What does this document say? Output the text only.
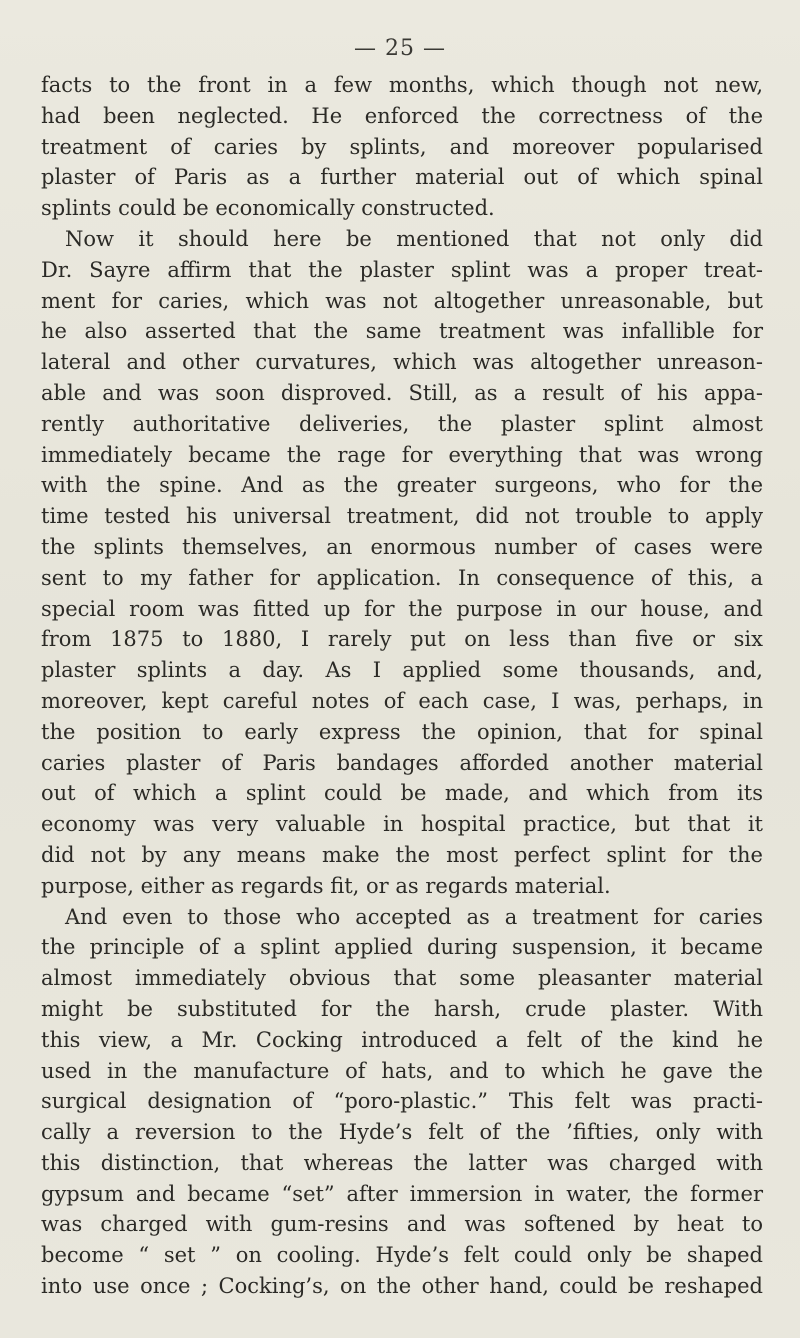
— 25 —
facts to the front in a few months, which though not new,
had been neglected. He enforced the correctness of the
treatment of caries by splints, and moreover popularised
plaster of Paris as a further material out of which spinal
splints could be economically constructed.
Now it should here be mentioned that not only did
Dr. Sayre affirm that the plaster splint was a proper treat-
ment for caries, which was not altogether unreasonable, but
he also asserted that the same treatment was infallible for
lateral and other curvatures, which was altogether unreason-
able and was soon disproved. Still, as a result of his appa-
rently authoritative deliveries, the plaster splint almost
immediately became the rage for everything that was wrong
with the spine. And as the greater surgeons, who for the
time tested his universal treatment, did not trouble to apply
the splints themselves, an enormous number of cases were
sent to my father for application. In consequence of this, a
special room was fitted up for the purpose in our house, and
from 1875 to 1880, I rarely put on less than five or six
plaster splints a day. As I applied some thousands, and,
moreover, kept careful notes of each case, I was, perhaps, in
the position to early express the opinion, that for spinal
caries plaster of Paris bandages afforded another material
out of which a splint could be made, and which from its
economy was very valuable in hospital practice, but that it
did not by any means make the most perfect splint for the
purpose, either as regards fit, or as regards material.
And even to those who accepted as a treatment for caries
the principle of a splint applied during suspension, it became
almost immediately obvious that some pleasanter material
might be substituted for the harsh, crude plaster. With
this view, a Mr. Cocking introduced a felt of the kind he
used in the manufacture of hats, and to which he gave the
surgical designation of “poro-plastic.” This felt was practi-
cally a reversion to the Hyde’s felt of the ’fifties, only with
this distinction, that whereas the latter was charged with
gypsum and became “set” after immersion in water, the former
was charged with gum-resins and was softened by heat to
become “ set ” on cooling. Hyde’s felt could only be shaped
into use once ; Cocking’s, on the other hand, could be reshaped
